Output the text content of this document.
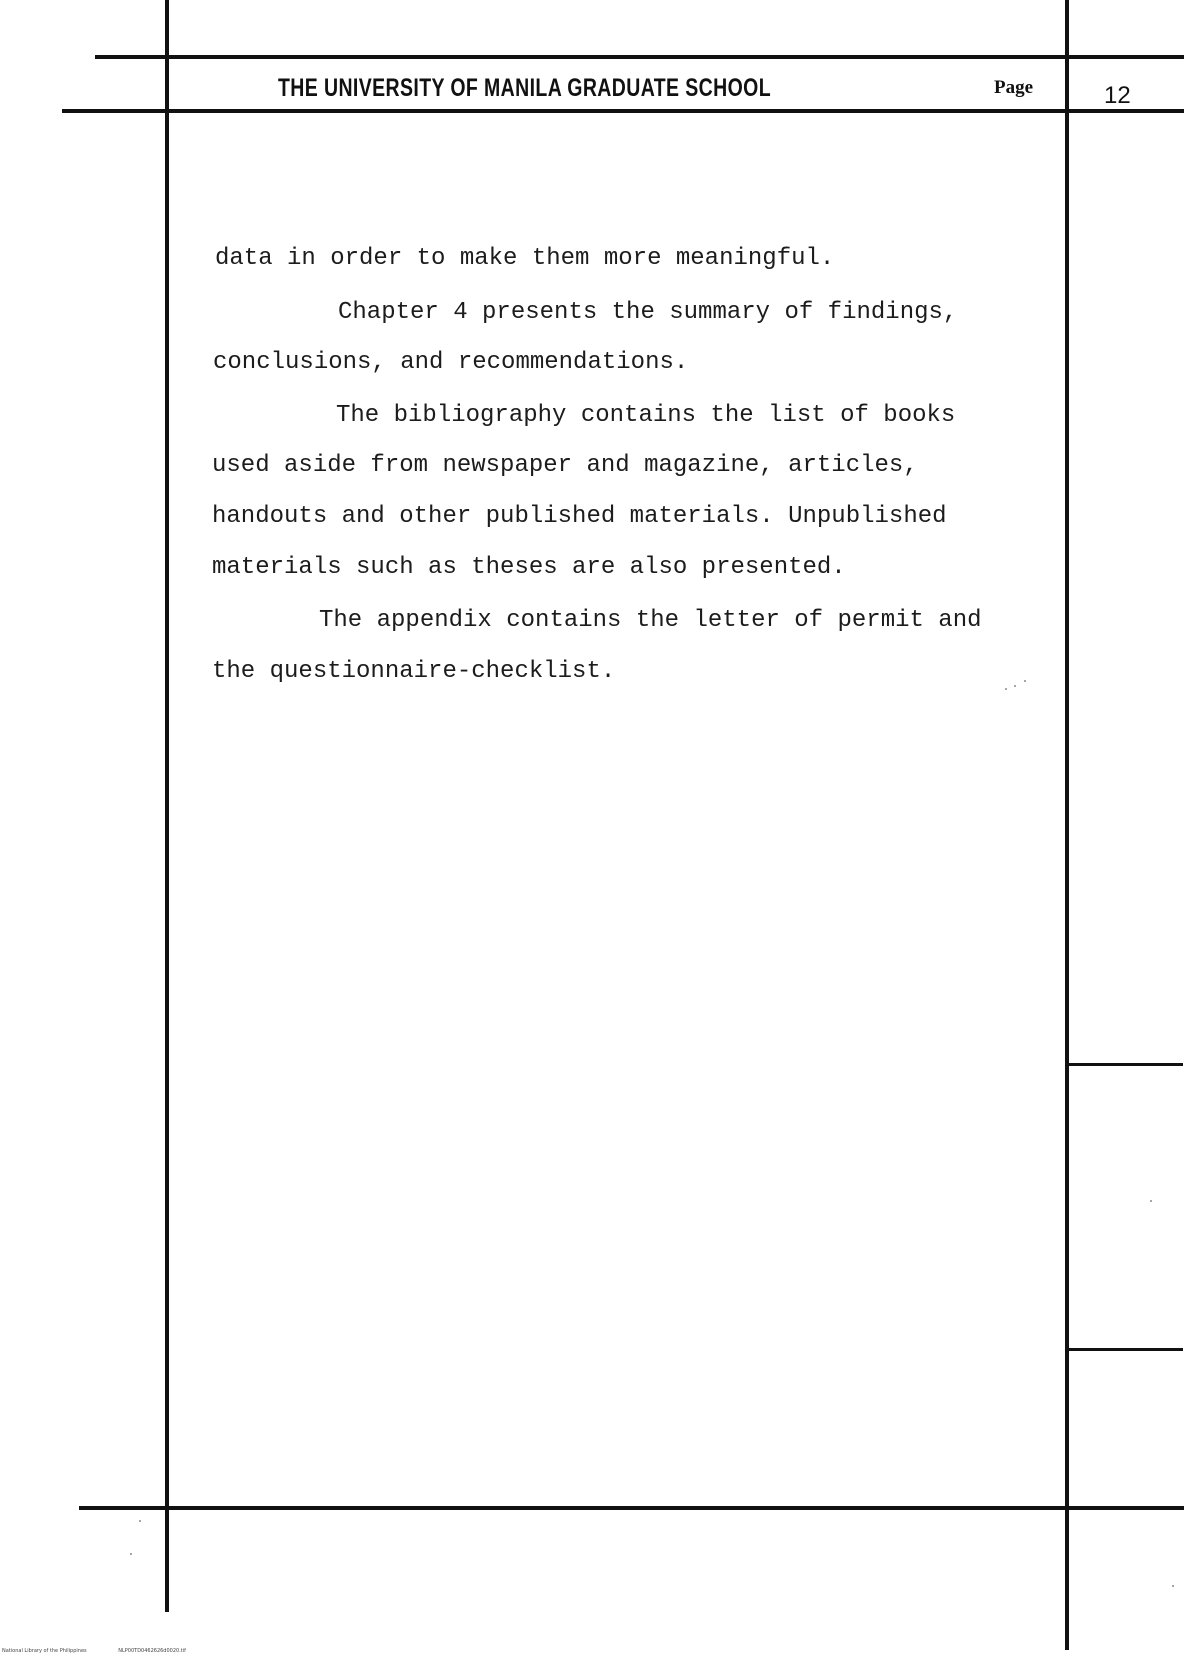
THE UNIVERSITY OF MANILA GRADUATE SCHOOL	Page	12
data in order to make them more meaningful.
Chapter 4 presents the summary of findings,
conclusions, and recommendations.
The bibliography contains the list of books
used aside from newspaper and magazine, articles,
handouts and other published materials. Unpublished
materials such as theses are also presented.
The appendix contains the letter of permit and
the questionnaire-checklist.
National Library of the Philippines	NLP00TD0462626d0020.tif
